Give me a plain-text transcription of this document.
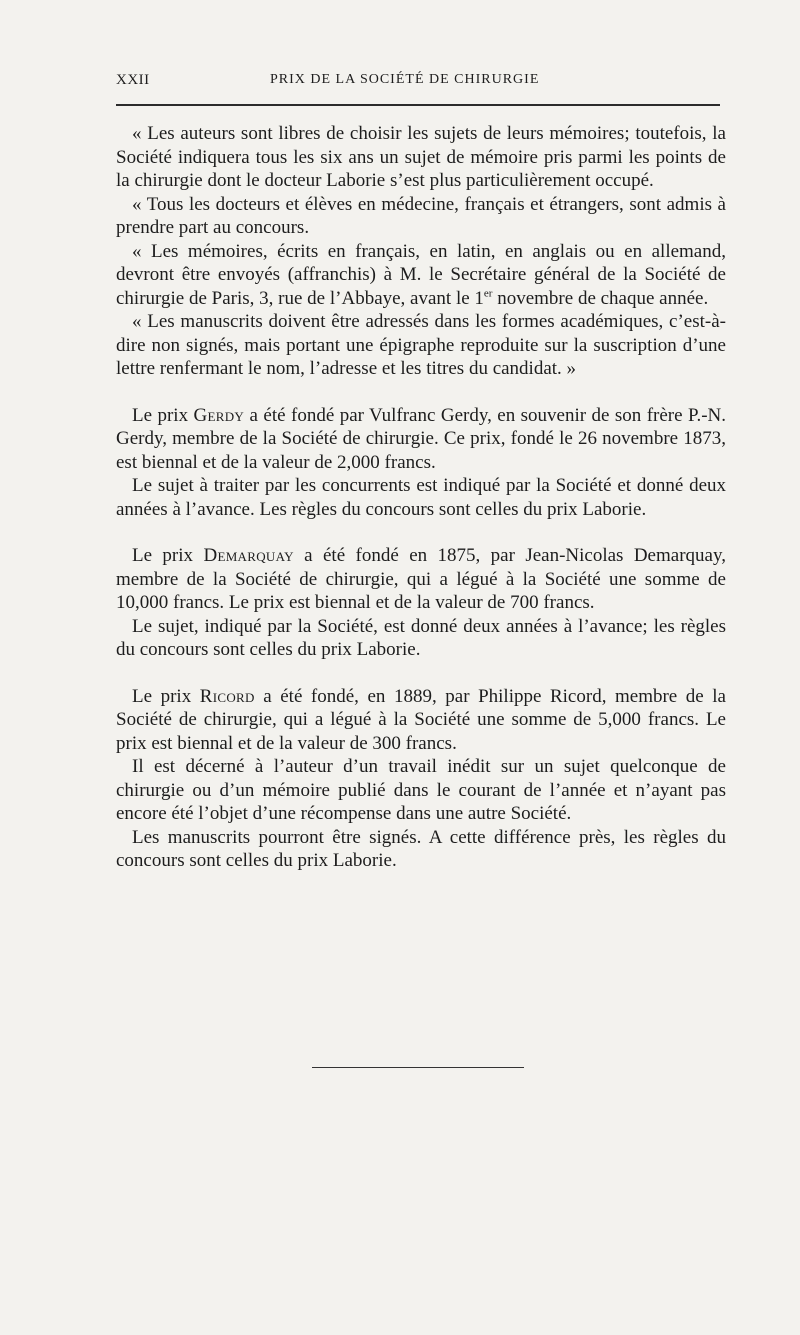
XXII	PRIX DE LA SOCIÉTÉ DE CHIRURGIE

« Les auteurs sont libres de choisir les sujets de leurs mémoires; toutefois, la Société indiquera tous les six ans un sujet de mémoire pris parmi les points de la chirurgie dont le docteur Laborie s’est plus particulièrement occupé.

« Tous les docteurs et élèves en médecine, français et étrangers, sont admis à prendre part au concours.

« Les mémoires, écrits en français, en latin, en anglais ou en allemand, devront être envoyés (affranchis) à M. le Secrétaire général de la Société de chirurgie de Paris, 3, rue de l’Abbaye, avant le 1er novembre de chaque année.

« Les manuscrits doivent être adressés dans les formes académiques, c’est-à-dire non signés, mais portant une épigraphe reproduite sur la suscription d’une lettre renfermant le nom, l’adresse et les titres du candidat. »

Le prix Gerdy a été fondé par Vulfranc Gerdy, en souvenir de son frère P.-N. Gerdy, membre de la Société de chirurgie. Ce prix, fondé le 26 novembre 1873, est biennal et de la valeur de 2,000 francs.

Le sujet à traiter par les concurrents est indiqué par la Société et donné deux années à l’avance. Les règles du concours sont celles du prix Laborie.

Le prix Demarquay a été fondé en 1875, par Jean-Nicolas Demarquay, membre de la Société de chirurgie, qui a légué à la Société une somme de 10,000 francs. Le prix est biennal et de la valeur de 700 francs.

Le sujet, indiqué par la Société, est donné deux années à l’avance; les règles du concours sont celles du prix Laborie.

Le prix Ricord a été fondé, en 1889, par Philippe Ricord, membre de la Société de chirurgie, qui a légué à la Société une somme de 5,000 francs. Le prix est biennal et de la valeur de 300 francs.

Il est décerné à l’auteur d’un travail inédit sur un sujet quelconque de chirurgie ou d’un mémoire publié dans le courant de l’année et n’ayant pas encore été l’objet d’une récompense dans une autre Société.

Les manuscrits pourront être signés. A cette différence près, les règles du concours sont celles du prix Laborie.
